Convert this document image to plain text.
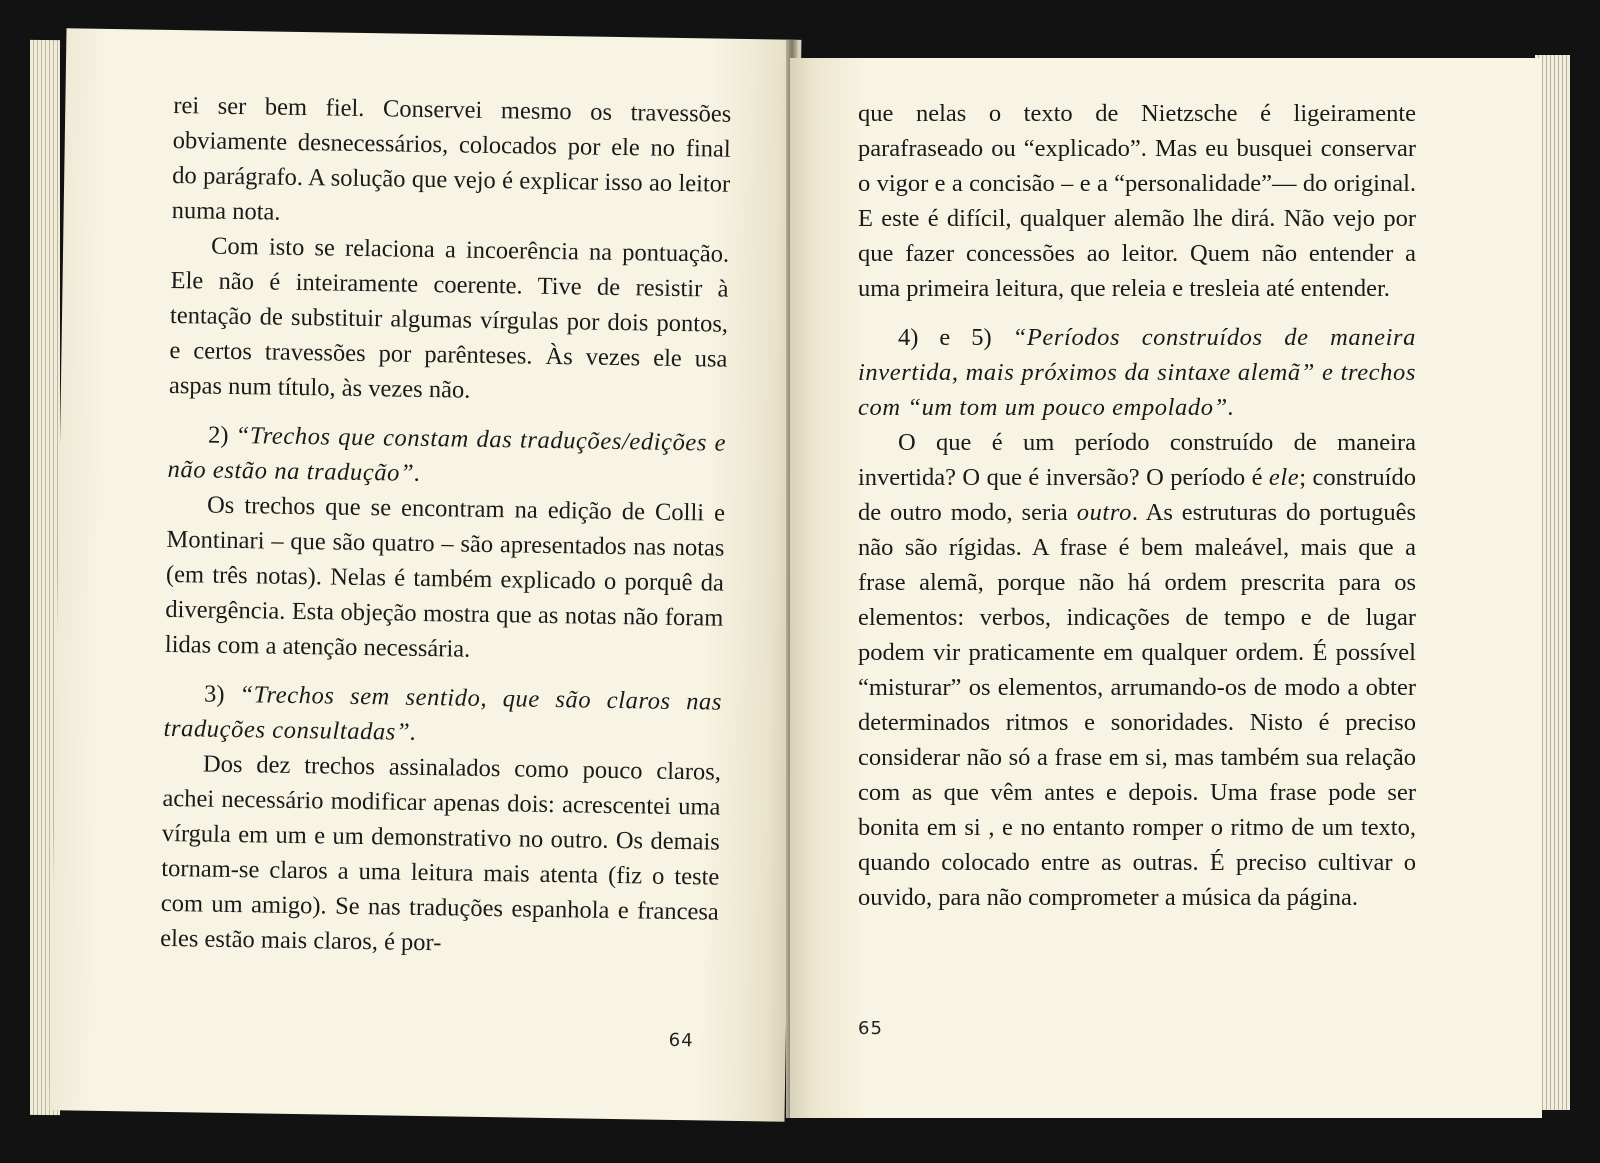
rei ser bem fiel. Conservei mesmo os travessões obviamente desnecessários, colocados por ele no final do parágrafo. A solução que vejo é explicar isso ao leitor numa nota.

Com isto se relaciona a incoerência na pontuação. Ele não é inteiramente coerente. Tive de resistir à tentação de substituir algumas vírgulas por dois pontos, e certos travessões por parênteses. Às vezes ele usa aspas num título, às vezes não.

2) “Trechos que constam das traduções/edições e não estão na tradução”.

Os trechos que se encontram na edição de Colli e Montinari – que são quatro – são apresentados nas notas (em três notas). Nelas é também explicado o porquê da divergência. Esta objeção mostra que as notas não foram lidas com a atenção necessária.

3) “Trechos sem sentido, que são claros nas traduções consultadas”.

Dos dez trechos assinalados como pouco claros, achei necessário modificar apenas dois: acrescentei uma vírgula em um e um demonstrativo no outro. Os demais tornam-se claros a uma leitura mais atenta (fiz o teste com um amigo). Se nas traduções espanhola e francesa eles estão mais claros, é por-

64

que nelas o texto de Nietzsche é ligeiramente parafraseado ou “explicado”. Mas eu busquei conservar o vigor e a concisão – e a “personalidade”— do original. E este é difícil, qualquer alemão lhe dirá. Não vejo por que fazer concessões ao leitor. Quem não entender a uma primeira leitura, que releia e tresleia até entender.

4) e 5) “Períodos construídos de maneira invertida, mais próximos da sintaxe alemã” e trechos com “um tom um pouco empolado”.

O que é um período construído de maneira invertida? O que é inversão? O período é ele; construído de outro modo, seria outro. As estruturas do português não são rígidas. A frase é bem maleável, mais que a frase alemã, porque não há ordem prescrita para os elementos: verbos, indicações de tempo e de lugar podem vir praticamente em qualquer ordem. É possível “misturar” os elementos, arrumando-os de modo a obter determinados ritmos e sonoridades. Nisto é preciso considerar não só a frase em si, mas também sua relação com as que vêm antes e depois. Uma frase pode ser bonita em si , e no entanto romper o ritmo de um texto, quando colocado entre as outras. É preciso cultivar o ouvido, para não comprometer a música da página.

65
